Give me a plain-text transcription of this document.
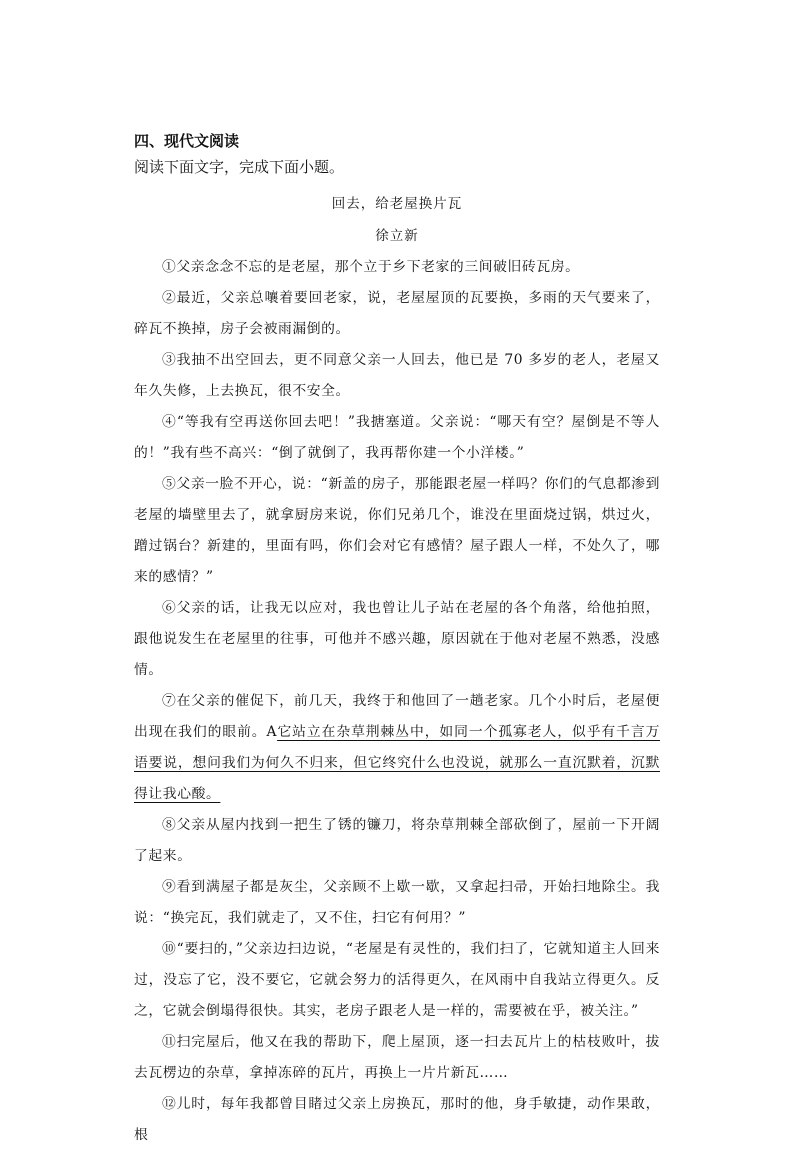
四、现代文阅读
阅读下面文字，完成下面小题。
回去，给老屋换片瓦
徐立新

①父亲念念不忘的是老屋，那个立于乡下老家的三间破旧砖瓦房。

②最近，父亲总嚷着要回老家，说，老屋屋顶的瓦要换，多雨的天气要来了，碎瓦不换掉，房子会被雨漏倒的。

③我抽不出空回去，更不同意父亲一人回去，他已是 70 多岁的老人，老屋又年久失修，上去换瓦，很不安全。

④“等我有空再送你回去吧！”我搪塞道。父亲说：“哪天有空？屋倒是不等人的！”我有些不高兴：“倒了就倒了，我再帮你建一个小洋楼。”

⑤父亲一脸不开心，说：“新盖的房子，那能跟老屋一样吗？你们的气息都渗到老屋的墙壁里去了，就拿厨房来说，你们兄弟几个，谁没在里面烧过锅，烘过火，蹭过锅台？新建的，里面有吗，你们会对它有感情？屋子跟人一样，不处久了，哪来的感情？”

⑥父亲的话，让我无以应对，我也曾让儿子站在老屋的各个角落，给他拍照，跟他说发生在老屋里的往事，可他并不感兴趣，原因就在于他对老屋不熟悉，没感情。

⑦在父亲的催促下，前几天，我终于和他回了一趟老家。几个小时后，老屋便出现在我们的眼前。A它站立在杂草荆棘丛中，如同一个孤寡老人，似乎有千言万语要说，想问我们为何久不归来，但它终究什么也没说，就那么一直沉默着，沉默得让我心酸。

⑧父亲从屋内找到一把生了锈的镰刀，将杂草荆棘全部砍倒了，屋前一下开阔了起来。

⑨看到满屋子都是灰尘，父亲顾不上歇一歇，又拿起扫帚，开始扫地除尘。我说：“换完瓦，我们就走了，又不住，扫它有何用？”

⑩“要扫的，”父亲边扫边说，“老屋是有灵性的，我们扫了，它就知道主人回来过，没忘了它，没不要它，它就会努力的活得更久，在风雨中自我站立得更久。反之，它就会倒塌得很快。其实，老房子跟老人是一样的，需要被在乎，被关注。”

⑪扫完屋后，他又在我的帮助下，爬上屋顶，逐一扫去瓦片上的枯枝败叶，拔去瓦楞边的杂草，拿掉冻碎的瓦片，再换上一片片新瓦……

⑫儿时，每年我都曾目睹过父亲上房换瓦，那时的他，身手敏捷，动作果敢，根
